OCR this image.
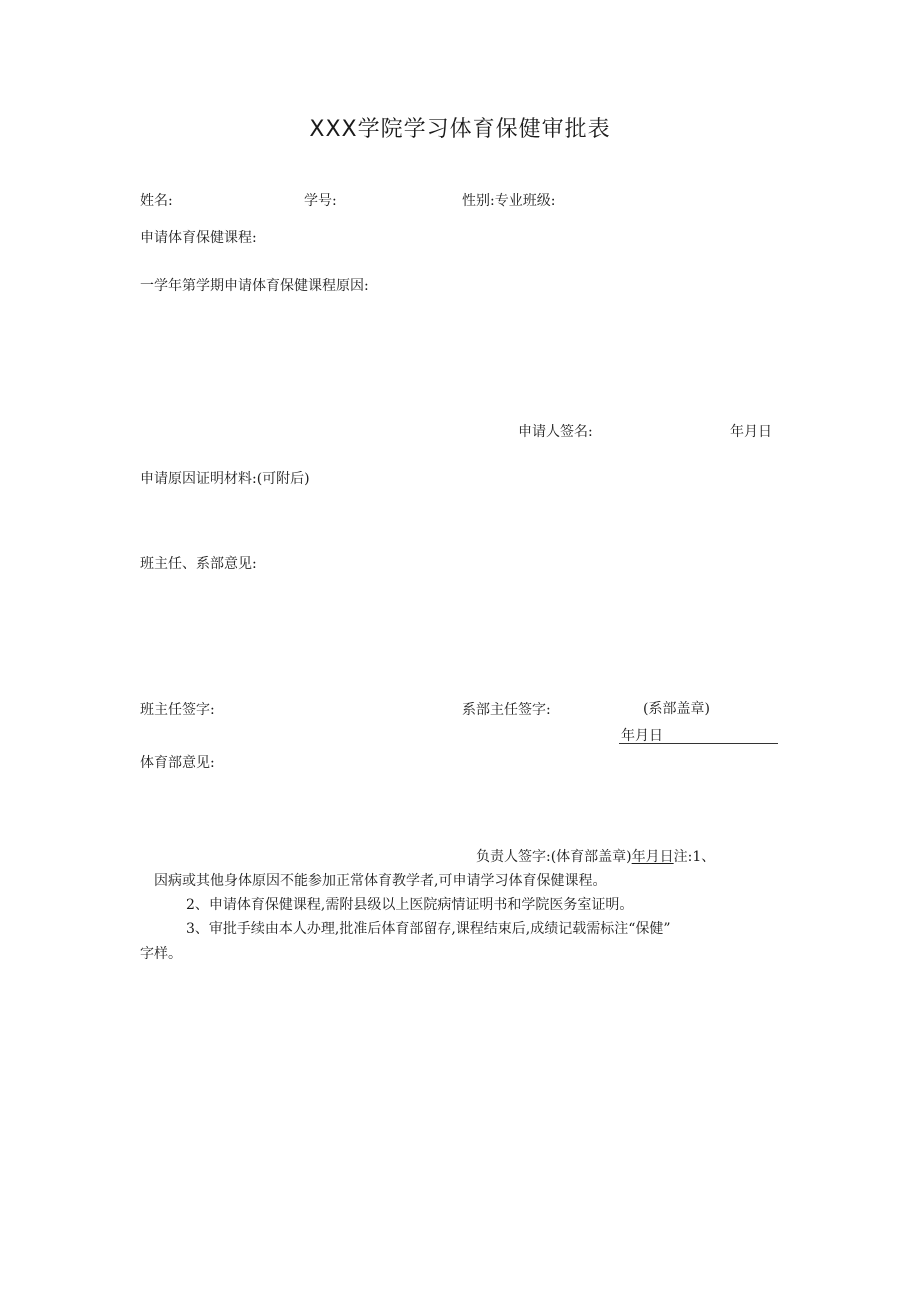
XXX学院学习体育保健审批表
姓名:	学号:	性别:专业班级:
申请体育保健课程:
一学年第学期申请体育保健课程原因:
申请人签名:	年月日
申请原因证明材料:(可附后)
班主任、系部意见:
班主任签字:	系部主任签字:	(系部盖章)
年月日
体育部意见:
负责人签字:(体育部盖章)年月日注:1、
因病或其他身体原因不能参加正常体育教学者,可申请学习体育保健课程。
2、申请体育保健课程,需附县级以上医院病情证明书和学院医务室证明。
3、审批手续由本人办理,批准后体育部留存,课程结束后,成绩记载需标注“保健”
字样。
